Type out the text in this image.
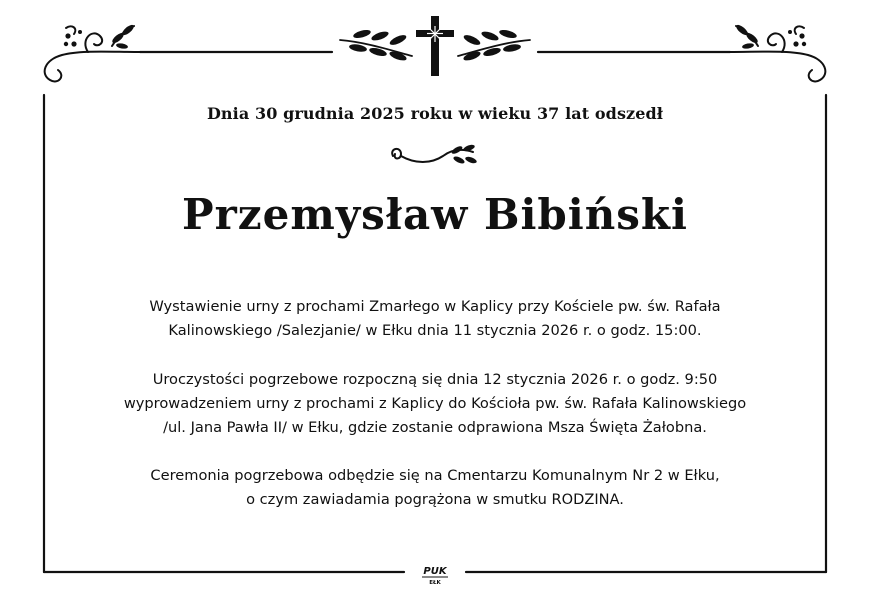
Dnia 30 grudnia 2025 roku w wieku 37 lat odszedł
Przemysław Bibiński
Wystawienie urny z prochami Zmarłego w Kaplicy przy Kościele pw. św. Rafała
Kalinowskiego /Salezjanie/ w Ełku dnia 11 stycznia 2026 r. o godz. 15:00.
Uroczystości pogrzebowe rozpoczną się dnia 12 stycznia 2026 r. o godz. 9:50
wyprowadzeniem urny z prochami z Kaplicy do Kościoła pw. św. Rafała Kalinowskiego
/ul. Jana Pawła II/ w Ełku, gdzie zostanie odprawiona Msza Święta Żałobna.
Ceremonia pogrzebowa odbędzie się na Cmentarzu Komunalnym Nr 2 w Ełku,
o czym zawiadamia pogrążona w smutku RODZINA.
PUK
EŁK
